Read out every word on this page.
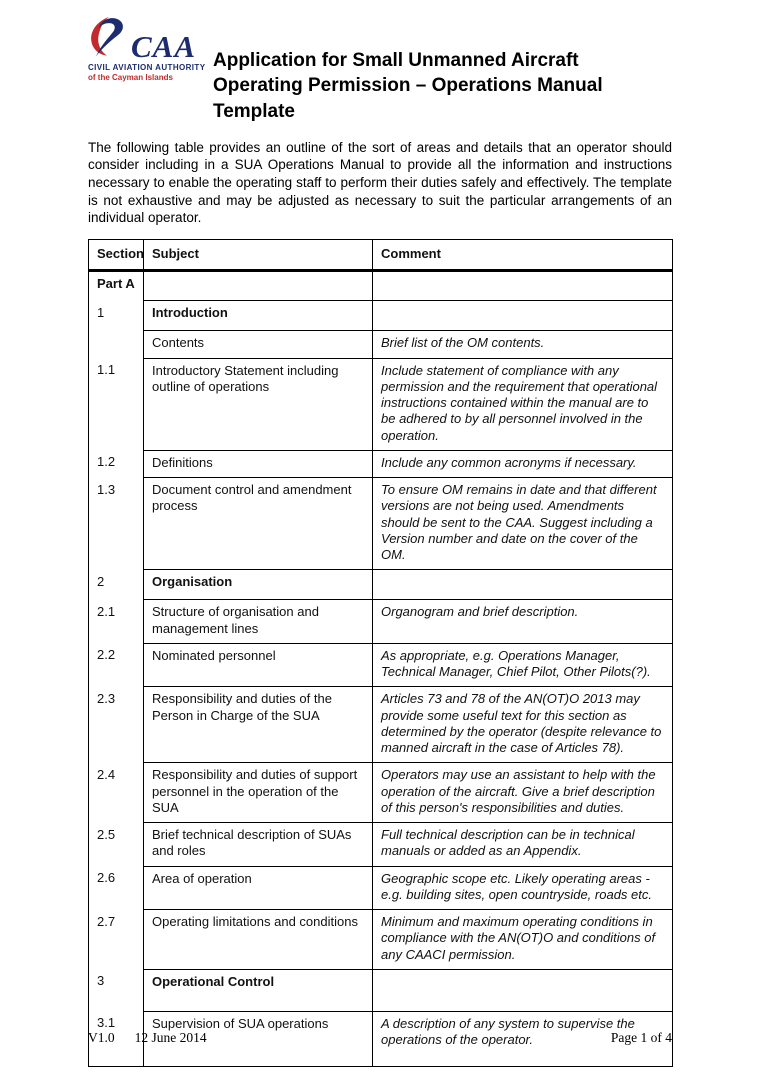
CAA
CIVIL AVIATION AUTHORITY
of the Cayman Islands
Application for Small Unmanned Aircraft Operating Permission – Operations Manual Template

The following table provides an outline of the sort of areas and details that an operator should consider including in a SUA Operations Manual to provide all the information and instructions necessary to enable the operating staff to perform their duties safely and effectively. The template is not exhaustive and may be adjusted as necessary to suit the particular arrangements of an individual operator.

Section	Subject	Comment
Part A		
1	Introduction	
	Contents	Brief list of the OM contents.
1.1	Introductory Statement including outline of operations	Include statement of compliance with any permission and the requirement that operational instructions contained within the manual are to be adhered to by all personnel involved in the operation.
1.2	Definitions	Include any common acronyms if necessary.
1.3	Document control and amendment process	To ensure OM remains in date and that different versions are not being used. Amendments should be sent to the CAA. Suggest including a Version number and date on the cover of the OM.
2	Organisation	
2.1	Structure of organisation and management lines	Organogram and brief description.
2.2	Nominated personnel	As appropriate, e.g. Operations Manager, Technical Manager, Chief Pilot, Other Pilots(?).
2.3	Responsibility and duties of the Person in Charge of the SUA	Articles 73 and 78 of the AN(OT)O 2013 may provide some useful text for this section as determined by the operator (despite relevance to manned aircraft in the case of Articles 78).
2.4	Responsibility and duties of support personnel in the operation of the SUA	Operators may use an assistant to help with the operation of the aircraft. Give a brief description of this person's responsibilities and duties.
2.5	Brief technical description of SUAs and roles	Full technical description can be in technical manuals or added as an Appendix.
2.6	Area of operation	Geographic scope etc. Likely operating areas - e.g. building sites, open countryside, roads etc.
2.7	Operating limitations and conditions	Minimum and maximum operating conditions in compliance with the AN(OT)O and conditions of any CAACI permission.
3	Operational Control	
3.1	Supervision of SUA operations	A description of any system to supervise the operations of the operator.
V1.0 12 June 2014	Page 1 of 4
